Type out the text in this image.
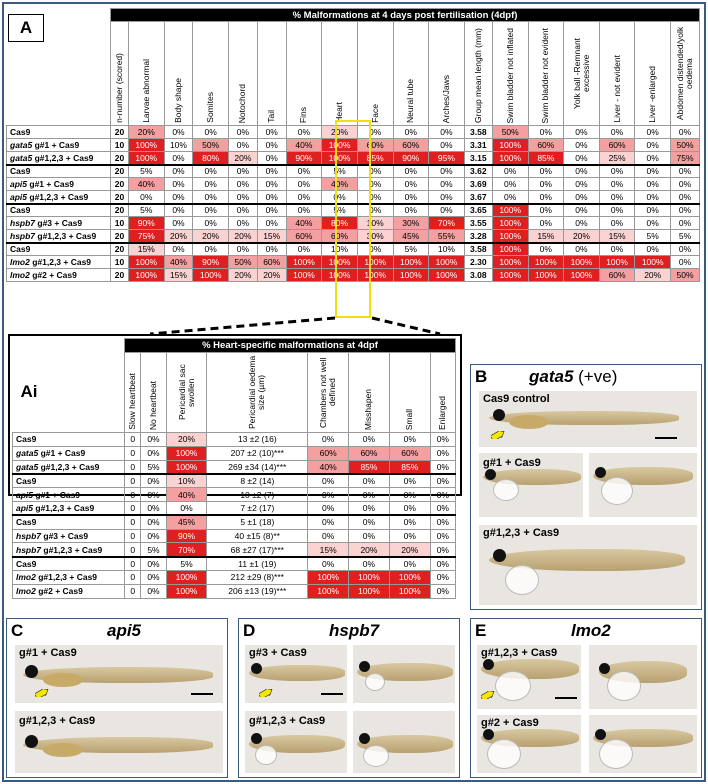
	% Malformations at 4 days post fertilisation (4dpf)																	

	n-number (scored)	Larvae abnormal	Body shape	Somites	Notochord	Tail	Fins	Heart	Face	Neural tube	Arches/Jaws	Group mean length (mm)	Swim bladder not inflated	Swim bladder not evident	Yolk ball -Remnant excessive	Liver - not evident	Liver -enlarged	Abdomen distended/yolk oedema

Cas9	20	20%	0%	0%	0%	0%	0%	20%	0%	0%	0%	3.58	50%	0%	0%	0%	0%	0%
gata5 g#1 + Cas9	10	100%	10%	50%	0%	0%	40%	100%	60%	60%	0%	3.31	100%	60%	0%	60%	0%	50%
gata5 g#1,2,3 + Cas9	20	100%	0%	80%	20%	0%	90%	100%	85%	90%	95%	3.15	100%	85%	0%	25%	0%	75%
Cas9	20	5%	0%	0%	0%	0%	0%	5%	0%	0%	0%	3.62	0%	0%	0%	0%	0%	0%
api5 g#1 + Cas9	20	40%	0%	0%	0%	0%	0%	40%	0%	0%	0%	3.69	0%	0%	0%	0%	0%	0%
api5 g#1,2,3 + Cas9	20	0%	0%	0%	0%	0%	0%	0%	0%	0%	0%	3.67	0%	0%	0%	0%	0%	0%
Cas9	20	5%	0%	0%	0%	0%	0%	5%	0%	0%	0%	3.65	100%	0%	0%	0%	0%	0%
hspb7 g#3 + Cas9	10	90%	0%	0%	0%	0%	40%	80%	10%	30%	70%	3.55	100%	0%	0%	0%	0%	0%
hspb7 g#1,2,3 + Cas9	20	75%	20%	20%	20%	15%	60%	60%	30%	45%	55%	3.28	100%	15%	20%	15%	5%	5%
Cas9	20	15%	0%	0%	0%	0%	0%	10%	0%	5%	10%	3.58	100%	0%	0%	0%	0%	0%
lmo2 g#1,2,3 + Cas9	10	100%	40%	90%	50%	60%	100%	100%	100%	100%	100%	2.30	100%	100%	100%	100%	100%	0%
lmo2 g#2 + Cas9	20	100%	15%	100%	20%	20%	100%	100%	100%	100%	100%	3.08	100%	100%	100%	60%	20%	50%
A
	% Heart-specific malformations at 4dpf							
Ai	Slow heartbeat	No heartbeat	Pericardial sac swollen	Pericardial oedema size (µm)	Chambers not well defined	Misshapen	Small	Enlarged

Cas9	0	0%	20%	13 ±2 (16)	0%	0%	0%	0%
gata5 g#1 + Cas9	0	0%	100%	207 ±2 (10)***	60%	60%	60%	0%
gata5 g#1,2,3 + Cas9	0	5%	100%	269 ±34 (14)***	40%	85%	85%	0%
Cas9	0	0%	10%	8 ±2 (14)	0%	0%	0%	0%
api5 g#1 + Cas9	0	0%	40%	10 ±2 (7)	0%	0%	0%	0%
api5 g#1,2,3 + Cas9	0	0%	0%	7 ±2 (17)	0%	0%	0%	0%
Cas9	0	0%	45%	5 ±1 (18)	0%	0%	0%	0%
hspb7 g#3 + Cas9	0	0%	90%	40 ±15 (8)**	0%	0%	0%	0%
hspb7 g#1,2,3 + Cas9	0	5%	70%	68 ±27 (17)***	15%	20%	20%	0%
Cas9	0	0%	5%	11 ±1 (19)	0%	0%	0%	0%
lmo2 g#1,2,3 + Cas9	0	0%	100%	212 ±29 (8)***	100%	100%	100%	0%
lmo2 g#2 + Cas9	0	0%	100%	206 ±13 (19)***	100%	100%	100%	0%
B gata5 (+ve)
Cas9 control
g#1 + Cas9
g#1,2,3 + Cas9
C	api5
g#1 + Cas9
g#1,2,3 + Cas9
D	hspb7
g#3 + Cas9
g#1,2,3 + Cas9
E	lmo2
g#1,2,3 + Cas9
g#2 + Cas9
